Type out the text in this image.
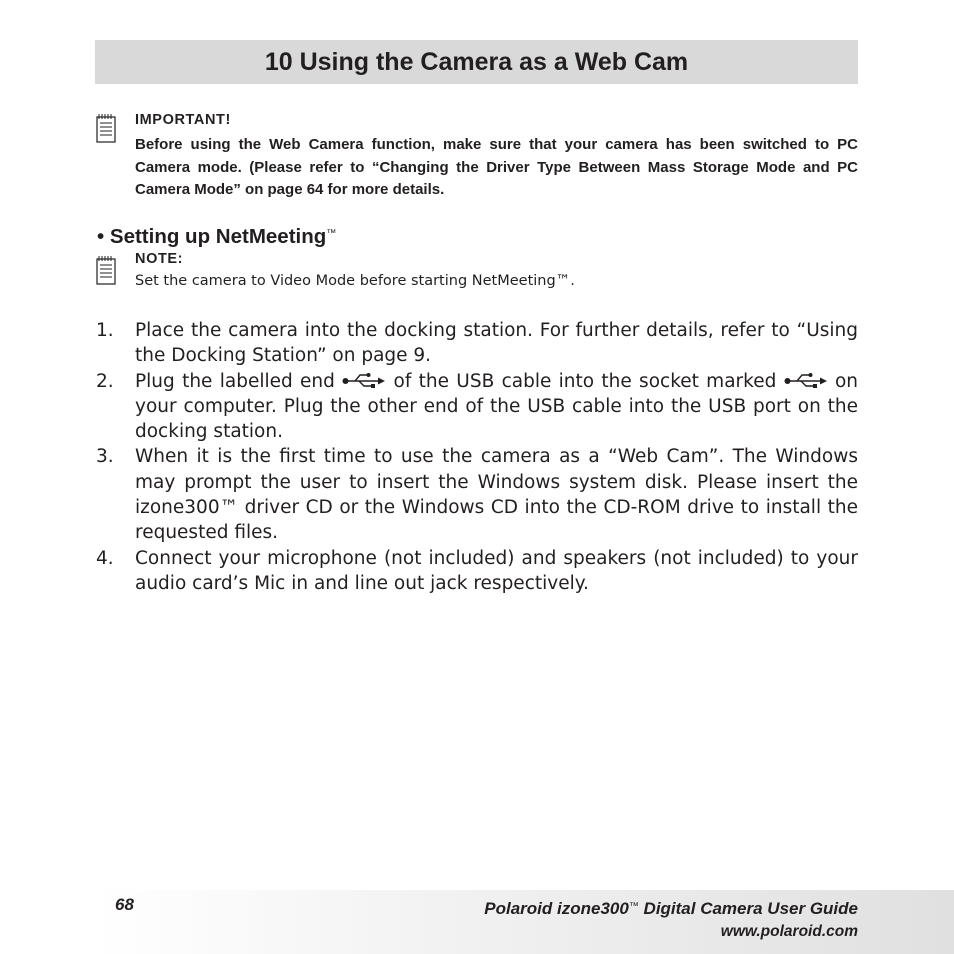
10 Using the Camera as a Web Cam
IMPORTANT!
Before using the Web Camera function, make sure that your camera has been switched to PC Camera mode. (Please refer to “Changing the Driver Type Between Mass Storage Mode and PC Camera Mode” on page 64 for more details.
• Setting up NetMeeting™
NOTE:
Set the camera to Video Mode before starting NetMeeting™.
1. Place the camera into the docking station. For further details, refer to “Using the Docking Station” on page 9.
2. Plug the labelled end	of the USB cable into the socket marked	on your computer. Plug the other end of the USB cable into the USB port on the docking station.
3. When it is the first time to use the camera as a “Web Cam”. The Windows may prompt the user to insert the Windows system disk. Please insert the izone300™ driver CD or the Windows CD into the CD-ROM drive to install the requested files.
4. Connect your microphone (not included) and speakers (not included) to your audio card’s Mic in and line out jack respectively.
68	Polaroid izone300™ Digital Camera User Guide
www.polaroid.com
